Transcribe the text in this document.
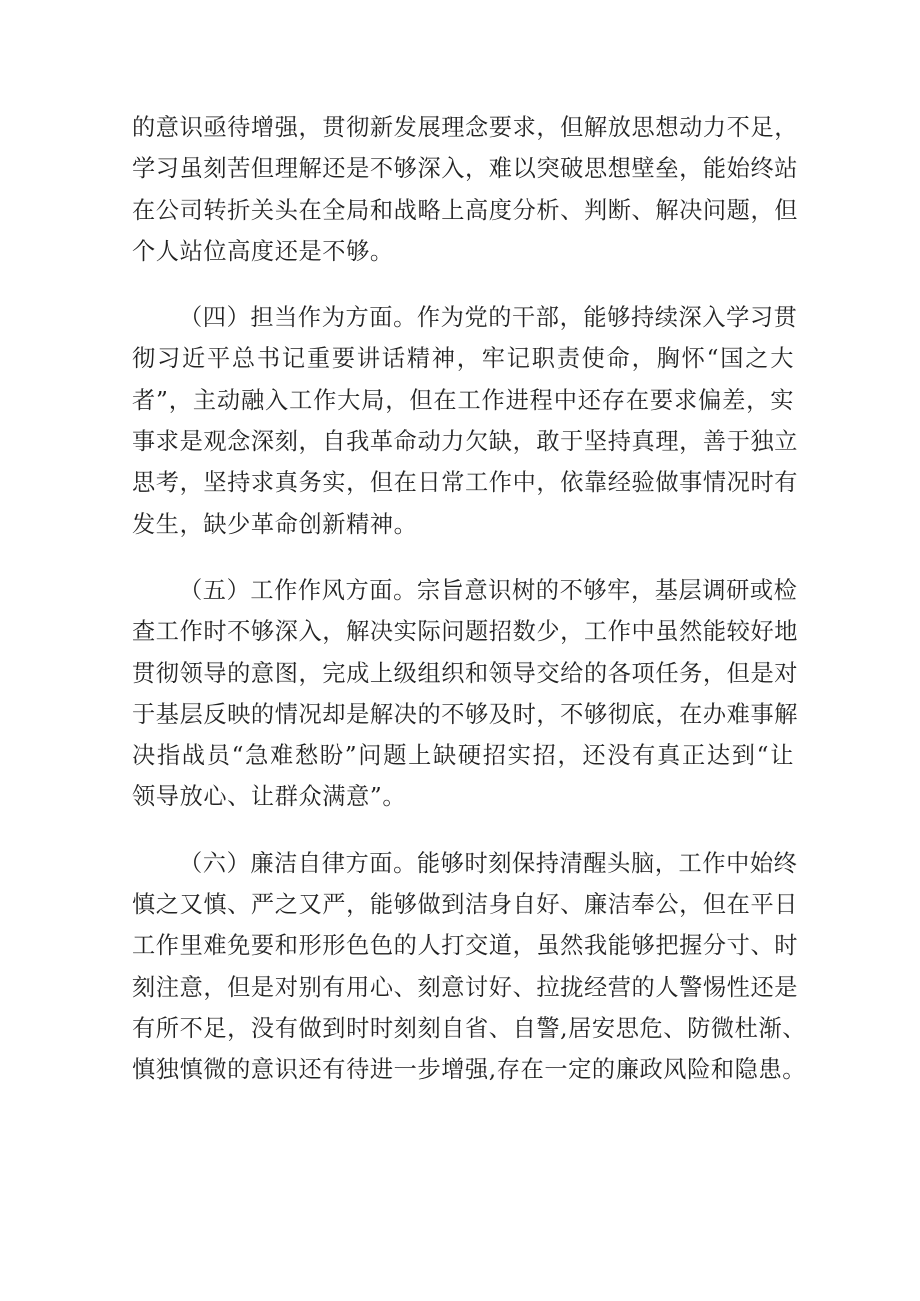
的意识亟待增强，贯彻新发展理念要求，但解放思想动力不足，
学习虽刻苦但理解还是不够深入，难以突破思想壁垒，能始终站
在公司转折关头在全局和战略上高度分析、判断、解决问题，但
个人站位高度还是不够。
（四）担当作为方面。作为党的干部，能够持续深入学习贯
彻习近平总书记重要讲话精神，牢记职责使命，胸怀“国之大
者”，主动融入工作大局，但在工作进程中还存在要求偏差，实
事求是观念深刻，自我革命动力欠缺，敢于坚持真理，善于独立
思考，坚持求真务实，但在日常工作中，依靠经验做事情况时有
发生，缺少革命创新精神。
（五）工作作风方面。宗旨意识树的不够牢，基层调研或检
查工作时不够深入，解决实际问题招数少，工作中虽然能较好地
贯彻领导的意图，完成上级组织和领导交给的各项任务，但是对
于基层反映的情况却是解决的不够及时，不够彻底，在办难事解
决指战员“急难愁盼”问题上缺硬招实招，还没有真正达到“让
领导放心、让群众满意”。
（六）廉洁自律方面。能够时刻保持清醒头脑，工作中始终
慎之又慎、严之又严，能够做到洁身自好、廉洁奉公，但在平日
工作里难免要和形形色色的人打交道，虽然我能够把握分寸、时
刻注意，但是对别有用心、刻意讨好、拉拢经营的人警惕性还是
有所不足，没有做到时时刻刻自省、自警,居安思危、防微杜渐、
慎独慎微的意识还有待进一步增强,存在一定的廉政风险和隐患。
